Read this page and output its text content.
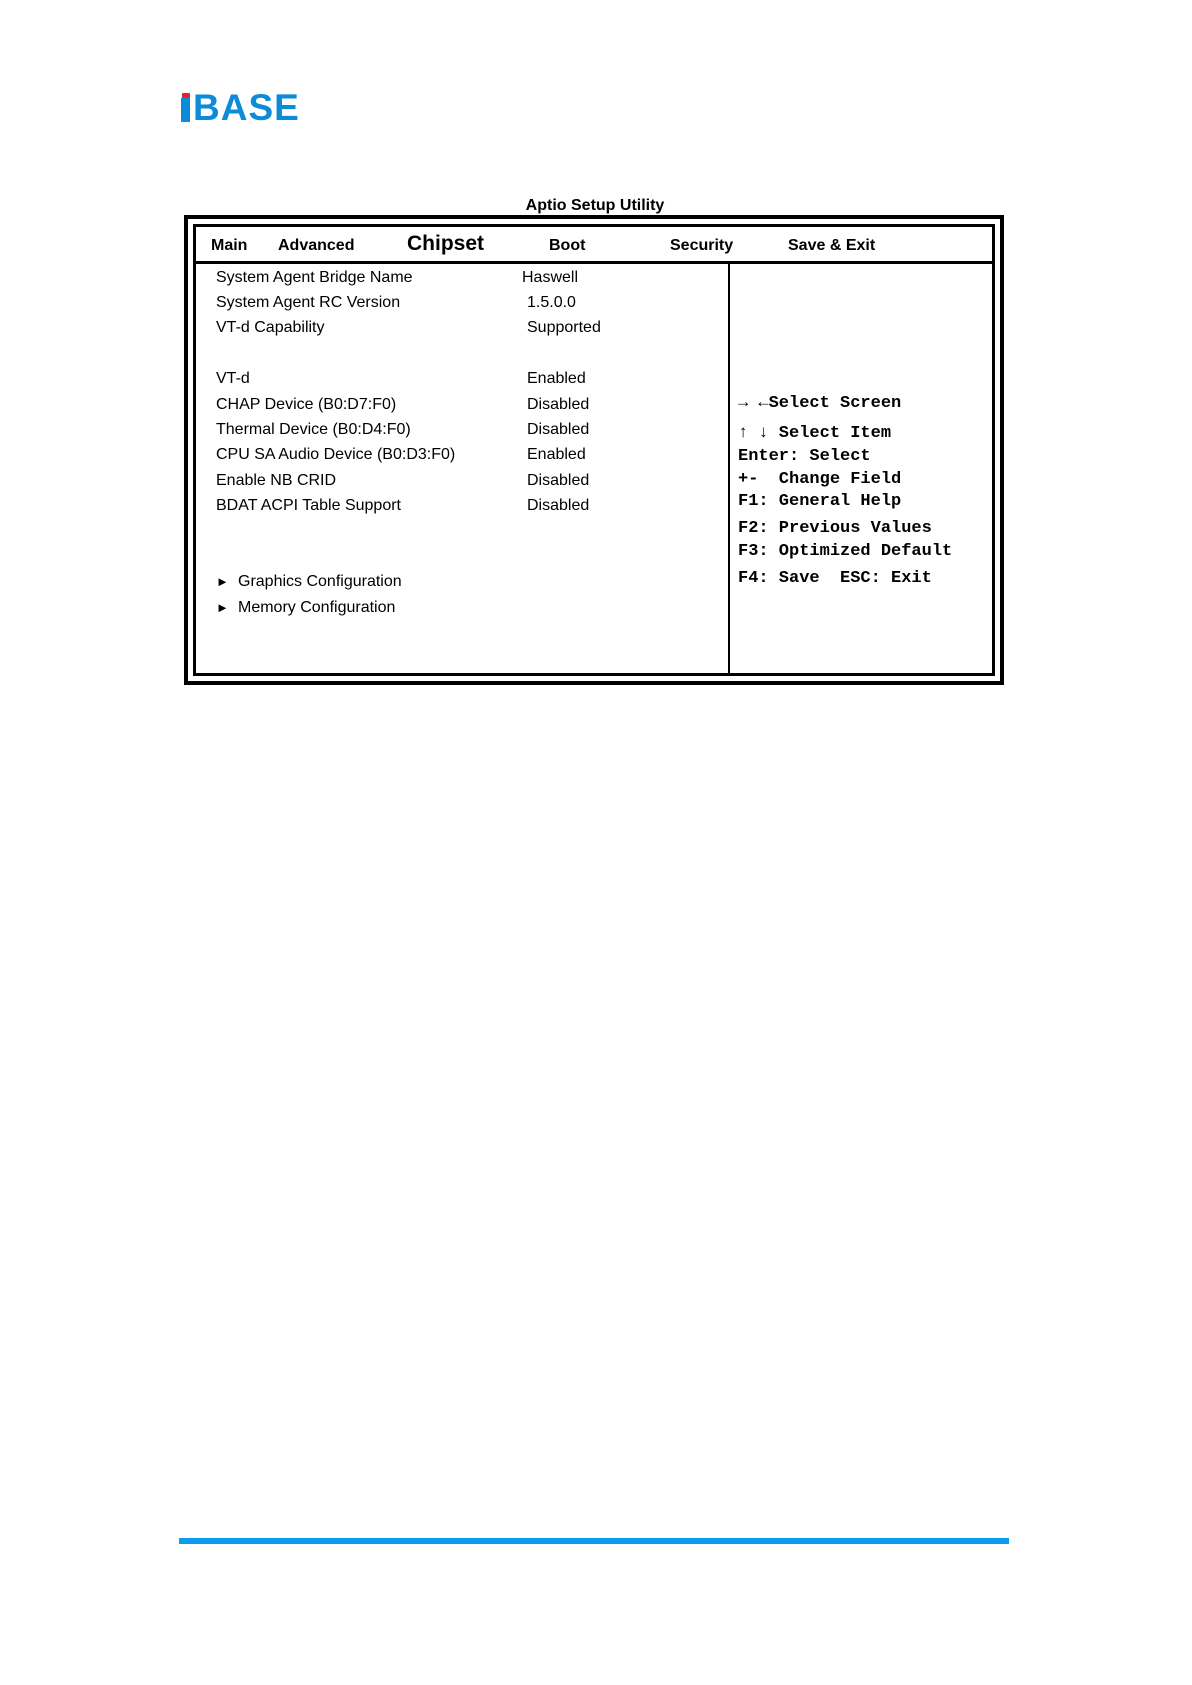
BASE
Aptio Setup Utility
Main Advanced	Chipset	Boot	Security	Save & Exit
System Agent Bridge Name	Haswell
System Agent RC Version	1.5.0.0
VT-d Capability	Supported
VT-d	Enabled
CHAP Device (B0:D7:F0)	Disabled
Thermal Device (B0:D4:F0)	Disabled
CPU SA Audio Device (B0:D3:F0)	Enabled
Enable NB CRID	Disabled
BDAT ACPI Table Support	Disabled
► Graphics Configuration
► Memory Configuration
→ ←Select Screen
↑ ↓ Select Item
Enter: Select
+-  Change Field
F1: General Help
F2: Previous Values
F3: Optimized Default
F4: Save  ESC: Exit
